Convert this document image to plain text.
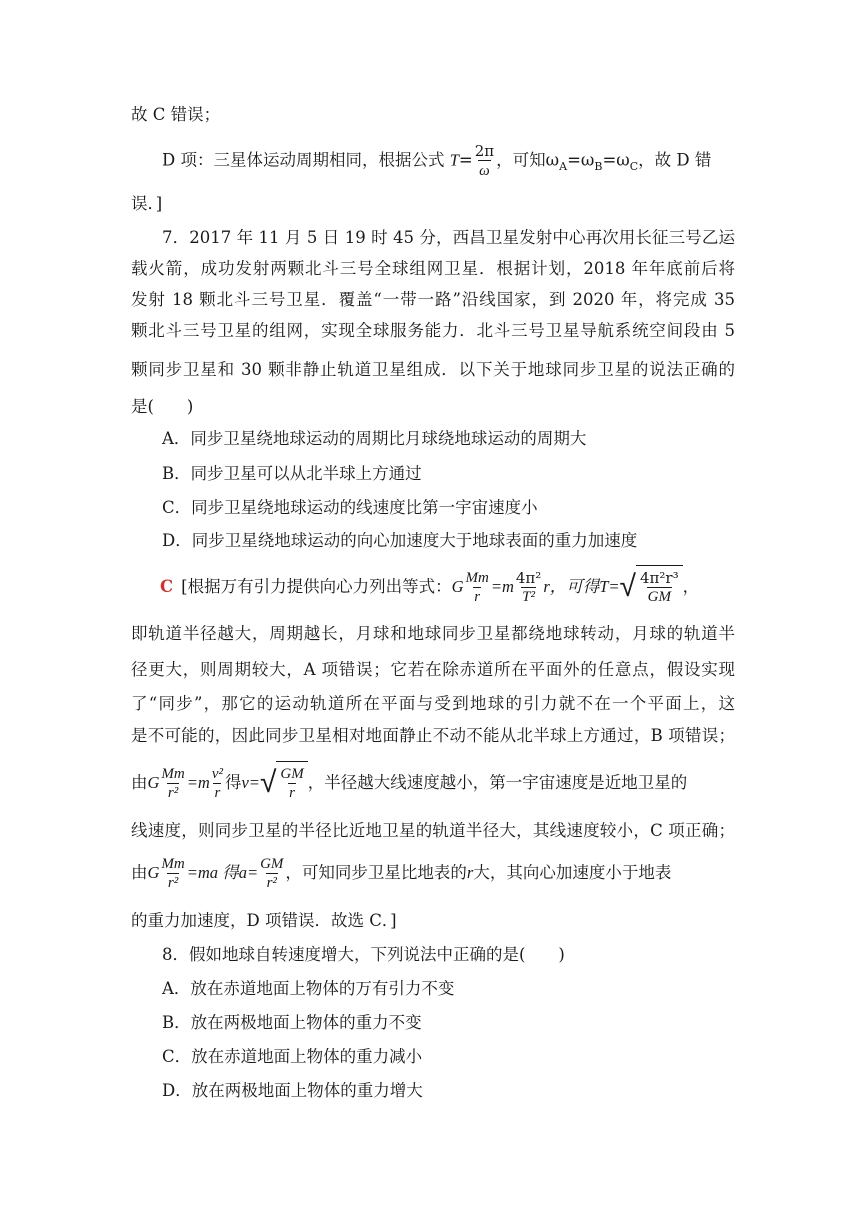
故 C 错误；
D 项：三星体运动周期相同，根据公式 $T= \frac{2\pi}{\omega}$ ，可知$\omega_A=\omega_B=\omega_C$，故 D 错
误．]
7．2017 年 11 月 5 日 19 时 45 分，西昌卫星发射中心再次用长征三号乙运
载火箭，成功发射两颗北斗三号全球组网卫星．根据计划，2018 年年底前后将
发射 18 颗北斗三号卫星．覆盖“一带一路”沿线国家，到 2020 年，将完成 35
颗北斗三号卫星的组网，实现全球服务能力．北斗三号卫星导航系统空间段由 5
颗同步卫星和 30 颗非静止轨道卫星组成．以下关于地球同步卫星的说法正确的
是(　　)
A．同步卫星绕地球运动的周期比月球绕地球运动的周期大
B．同步卫星可以从北半球上方通过
C．同步卫星绕地球运动的线速度比第一宇宙速度小
D．同步卫星绕地球运动的向心加速度大于地球表面的重力加速度
C [根据万有引力提供向心力列出等式： G $\frac{Mm}{r} =m \frac{\text{4π²}}{\text{T²}}$ r，可得 T= √ $\frac{\text{4π²r³}}{GM}$ ，
即轨道半径越大，周期越长，月球和地球同步卫星都绕地球转动，月球的轨道半
径更大，则周期较大，A 项错误；它若在除赤道所在平面外的任意点，假设实现
了“同步”，那它的运动轨道所在平面与受到地球的引力就不在一个平面上，这
是不可能的，因此同步卫星相对地面静止不动不能从北半球上方通过，B 项错误；
由 G $\frac{Mm}{\text{r²}} =m \frac{\text{v²}}{r}$ 得 v= √ $\frac{GM}{r}$ ，半径越大线速度越小，第一宇宙速度是近地卫星的
线速度，则同步卫星的半径比近地卫星的轨道半径大，其线速度较小，C 项正确；
由 G $\frac{Mm}{\text{r²}} =ma$ 得 $a= \frac{GM}{\text{r²}}$ ，可知同步卫星比地表的 r 大，其向心加速度小于地表
的重力加速度，D 项错误．故选 C．]
8．假如地球自转速度增大，下列说法中正确的是(　　)
A．放在赤道地面上物体的万有引力不变
B．放在两极地面上物体的重力不变
C．放在赤道地面上物体的重力减小
D．放在两极地面上物体的重力增大
